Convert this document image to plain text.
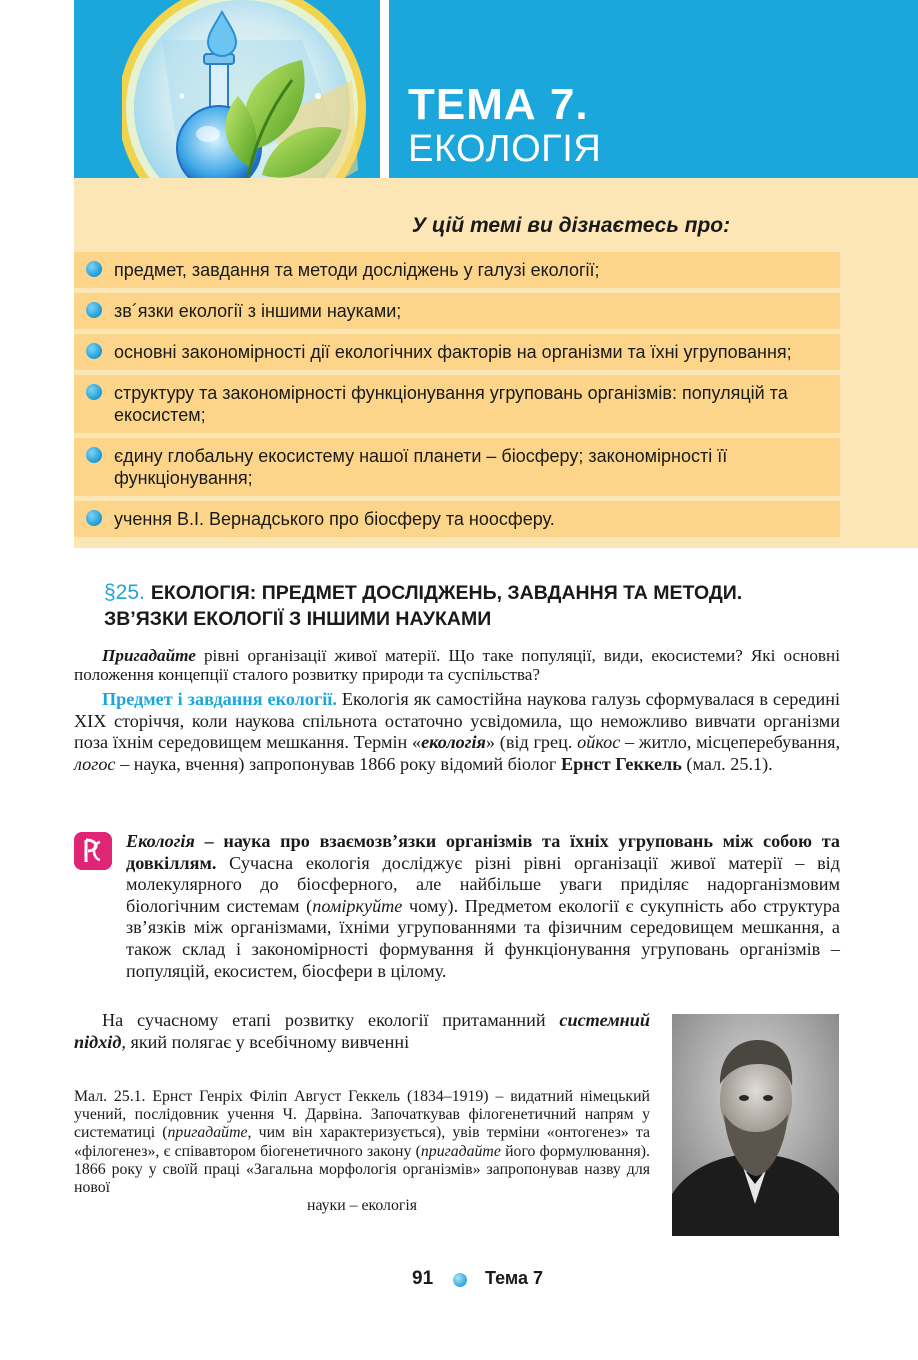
ТЕМА 7.
ЕКОЛОГІЯ
У цій темі ви дізнаєтесь про:
предмет, завдання та методи досліджень у галузі екології;
зв´язки екології з іншими науками;
основні закономірності дії екологічних факторів на організми та їхні угруповання;
структуру та закономірності функціонування угруповань організмів: популяцій та екосистем;
єдину глобальну екосистему нашої планети – біосферу; закономірності її функціонування;
учення В.І. Вернадського про біосферу та ноосферу.
§25. ЕКОЛОГІЯ: ПРЕДМЕТ ДОСЛІДЖЕНЬ, ЗАВДАННЯ ТА МЕТОДИ.
ЗВ’ЯЗКИ ЕКОЛОГІЇ З ІНШИМИ НАУКАМИ
Пригадайте рівні організації живої матерії. Що таке популяції, види, екосистеми? Які основні положення концепції сталого розвитку природи та суспільства?
Предмет і завдання екології. Екологія як самостійна наукова галузь сформувалася в середині XIX сторіччя, коли наукова спільнота остаточно усвідомила, що неможливо вивчати організми поза їхнім середовищем мешкання. Термін «екологія» (від грец. ойкос – житло, місцеперебування, логос – наука, вчення) запропонував 1866 року відомий біолог Ернст Геккель (мал. 25.1).
Екологія – наука про взаємозв’язки організмів та їхніх угруповань між собою та довкіллям. Сучасна екологія досліджує різні рівні організації живої матерії – від молекулярного до біосферного, але найбільше уваги приділяє надорганізмовим біологічним системам (поміркуйте чому). Предметом екології є сукупність або структура зв’язків між організмами, їхніми угрупованнями та фізичним середовищем мешкання, а також склад і закономірності формування й функціонування угруповань організмів – популяцій, екосистем, біосфери в цілому.
На сучасному етапі розвитку екології притаманний системний підхід, який полягає у всебічному вивченні
Мал. 25.1. Ернст Генріх Філіп Август Геккель (1834–1919) – видатний німецький учений, послідовник учення Ч. Дарвіна. Започаткував філогенетичний напрям у систематиці (пригадайте, чим він характеризується), увів терміни «онтогенез» та «філогенез», є співавтором біогенетичного закону (пригадайте його формулювання). 1866 року у своїй праці «Загальна морфологія організмів» запропонував назву для нової
науки – екологія
91	Тема 7
